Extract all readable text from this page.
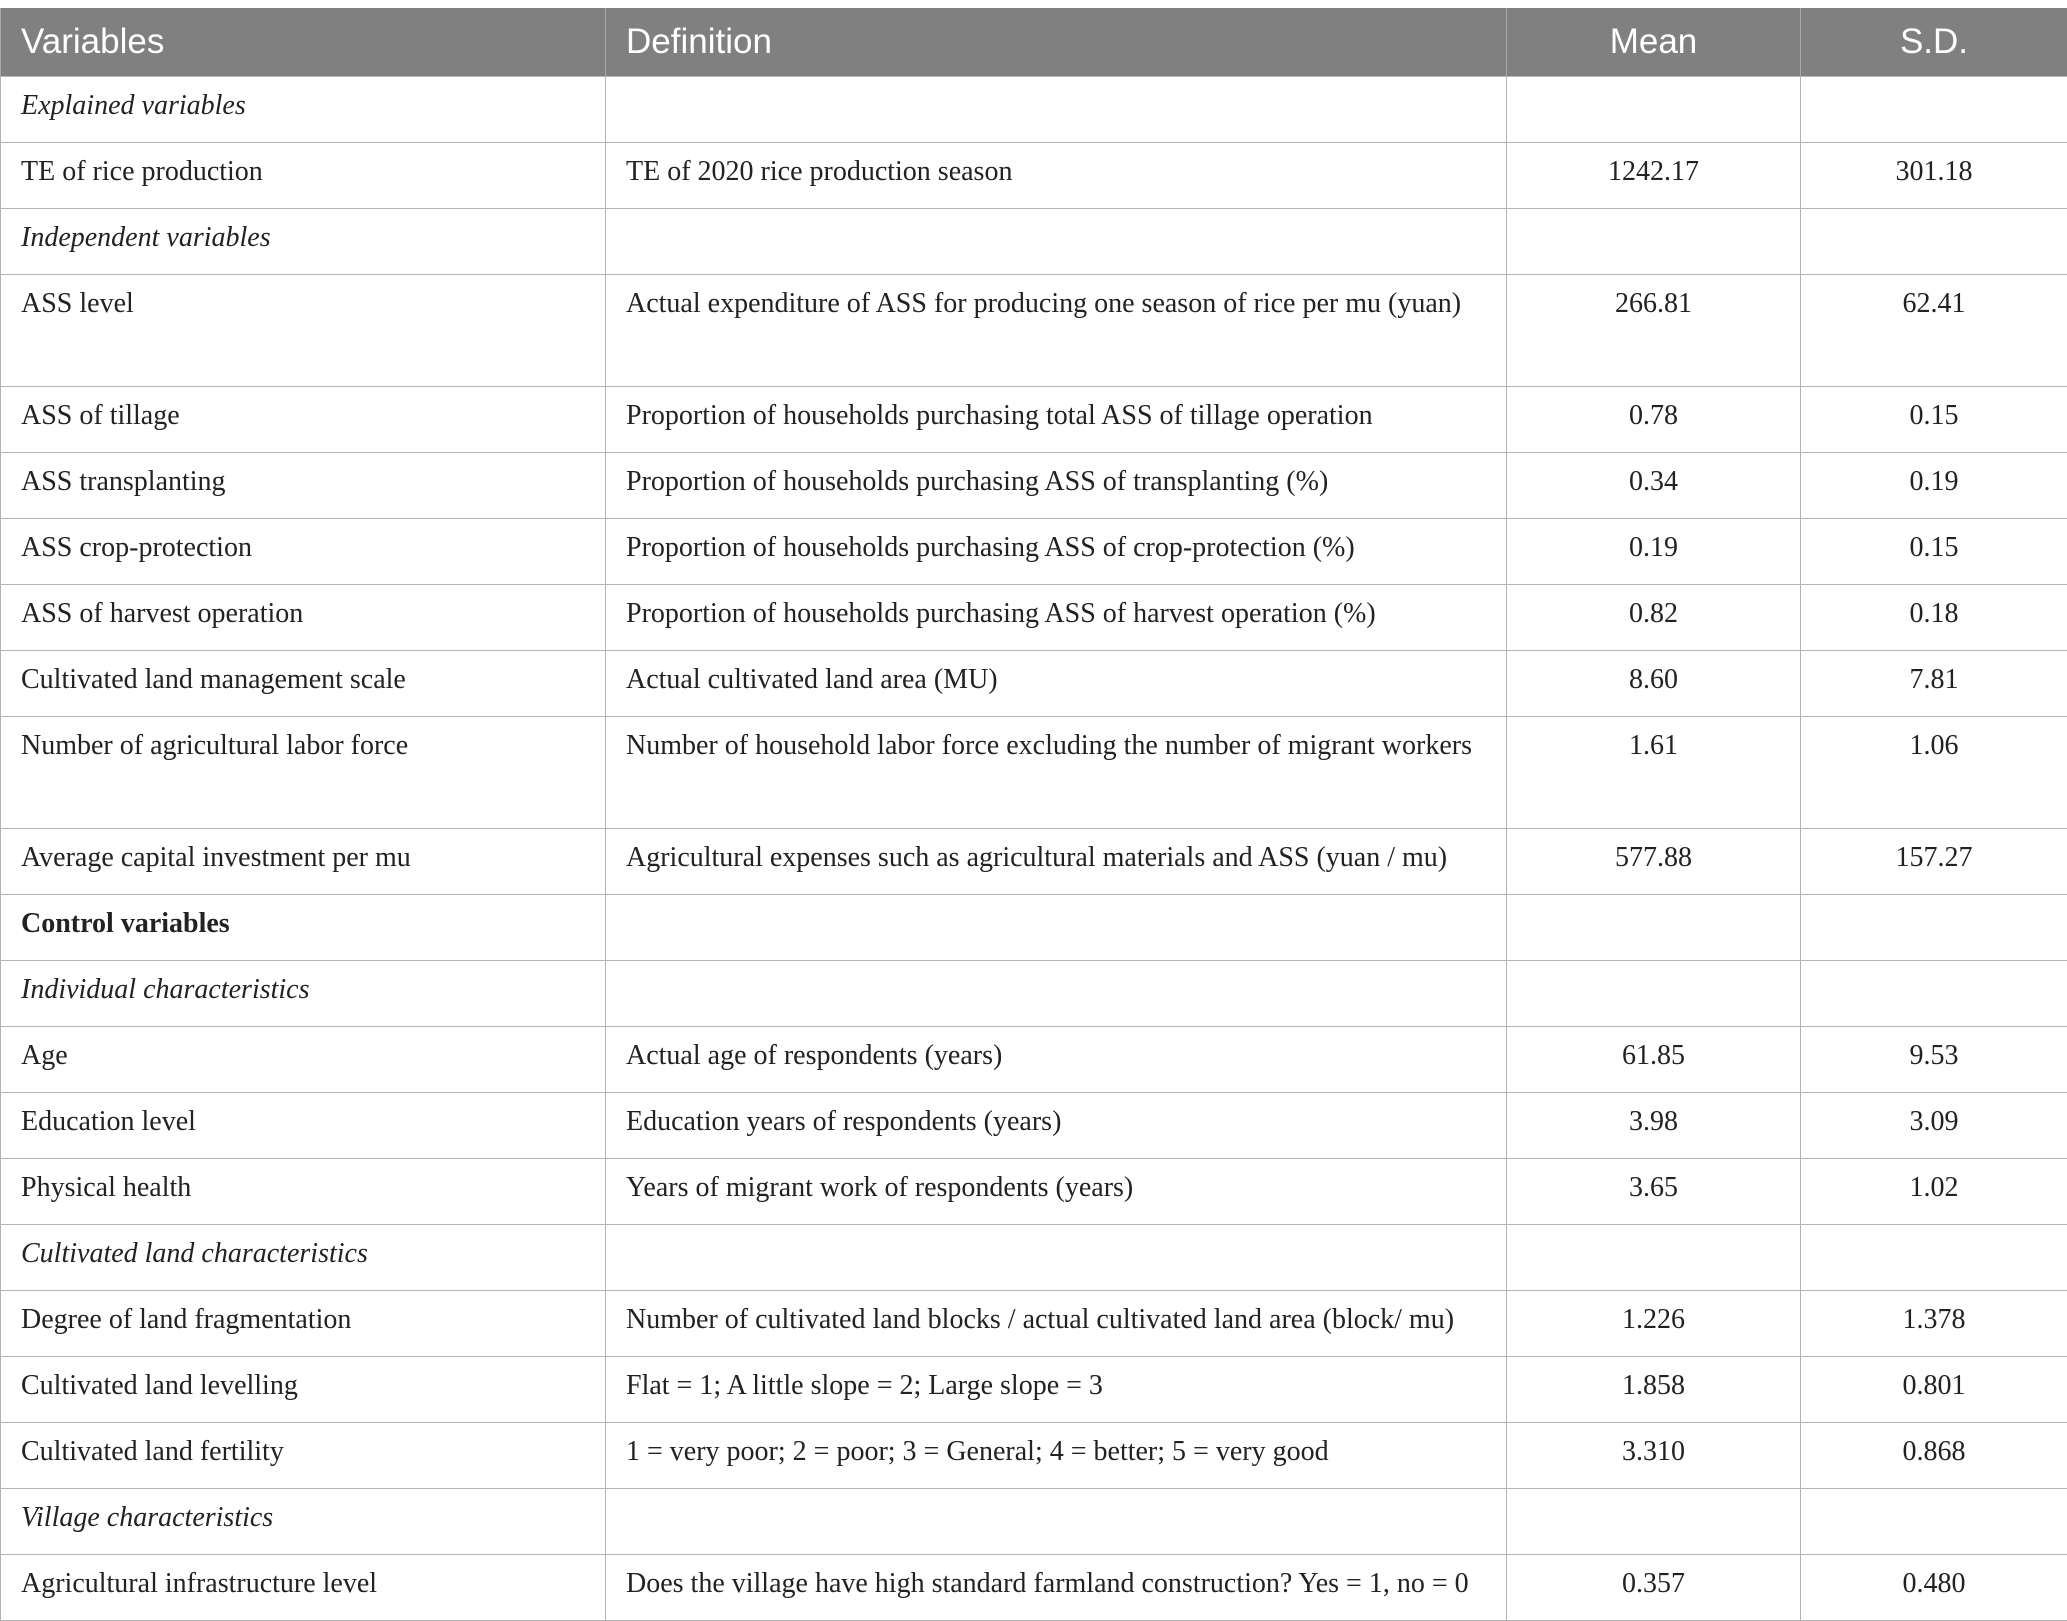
Variables	Definition	Mean	S.D.
Explained variables			
TE of rice production	TE of 2020 rice production season	1242.17	301.18
Independent variables			
ASS level	Actual expenditure of ASS for producing one season of rice per mu (yuan)	266.81	62.41
ASS of tillage	Proportion of households purchasing total ASS of tillage operation	0.78	0.15
ASS transplanting	Proportion of households purchasing ASS of transplanting (%)	0.34	0.19
ASS crop-protection	Proportion of households purchasing ASS of crop-protection (%)	0.19	0.15
ASS of harvest operation	Proportion of households purchasing ASS of harvest operation (%)	0.82	0.18
Cultivated land management scale	Actual cultivated land area (MU)	8.60	7.81
Number of agricultural labor force	Number of household labor force excluding the number of migrant workers	1.61	1.06
Average capital investment per mu	Agricultural expenses such as agricultural materials and ASS (yuan / mu)	577.88	157.27
Control variables			
Individual characteristics			
Age	Actual age of respondents (years)	61.85	9.53
Education level	Education years of respondents (years)	3.98	3.09
Physical health	Years of migrant work of respondents (years)	3.65	1.02
Cultivated land characteristics			
Degree of land fragmentation	Number of cultivated land blocks / actual cultivated land area (block/ mu)	1.226	1.378
Cultivated land levelling	Flat = 1; A little slope = 2; Large slope = 3	1.858	0.801
Cultivated land fertility	1 = very poor; 2 = poor; 3 = General; 4 = better; 5 = very good	3.310	0.868
Village characteristics			
Agricultural infrastructure level	Does the village have high standard farmland construction? Yes = 1, no = 0	0.357	0.480
